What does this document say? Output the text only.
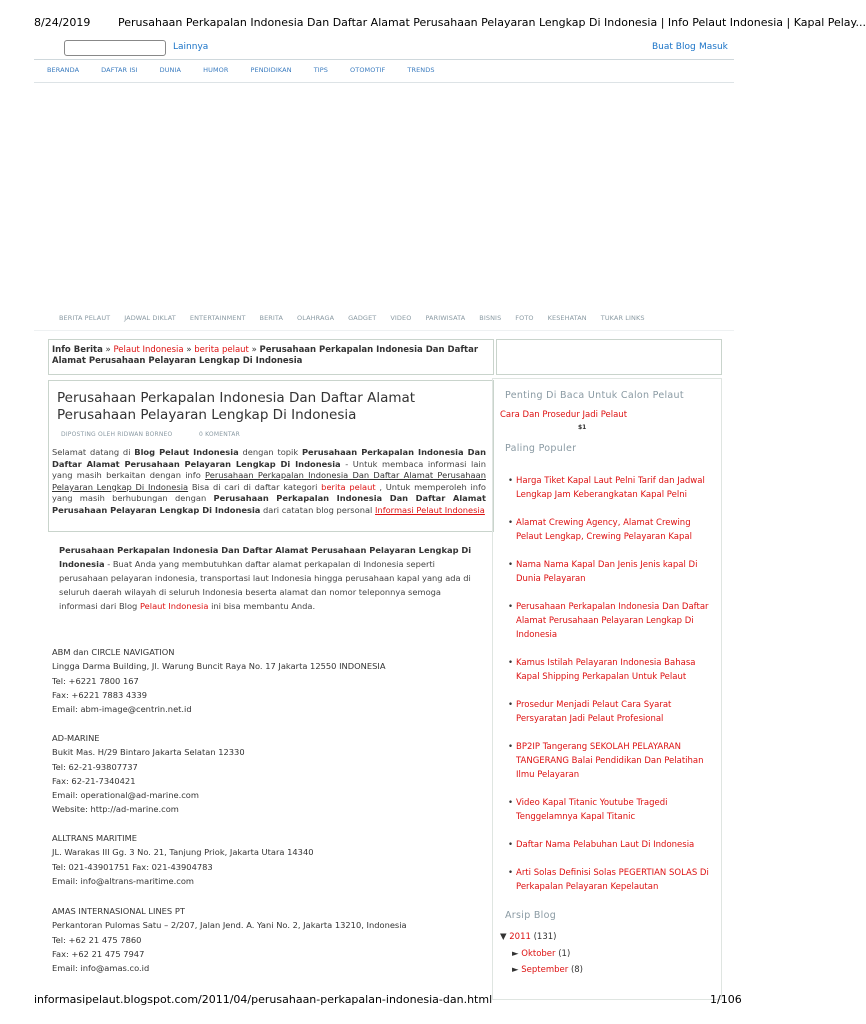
8/24/2019	Perusahaan Perkapalan Indonesia Dan Daftar Alamat Perusahaan Pelayaran Lengkap Di Indonesia | Info Pelaut Indonesia | Kapal Pelay...
Lainnya	Buat Blog Masuk
BERANDA	DAFTAR ISI	DUNIA	HUMOR	PENDIDIKAN	TIPS	OTOMOTIF	TRENDS
BERITA PELAUT JADWAL DIKLAT ENTERTAINMENT BERITA OLAHRAGA GADGET VIDEO PARIWISATA BISNIS FOTO KESEHATAN TUKAR LINKS
Info Berita » Pelaut Indonesia » berita pelaut » Perusahaan Perkapalan Indonesia Dan Daftar Alamat Perusahaan Pelayaran Lengkap Di Indonesia
Perusahaan Perkapalan Indonesia Dan Daftar Alamat Perusahaan Pelayaran Lengkap Di Indonesia
DIPOSTING OLEH RIDWAN BORNEO	0 KOMENTAR
Selamat datang di Blog Pelaut Indonesia dengan topik Perusahaan Perkapalan Indonesia Dan Daftar Alamat Perusahaan Pelayaran Lengkap Di Indonesia - Untuk membaca informasi lain yang masih berkaitan dengan info Perusahaan Perkapalan Indonesia Dan Daftar Alamat Perusahaan Pelayaran Lengkap Di Indonesia Bisa di cari di daftar kategori berita pelaut , Untuk memperoleh info yang masih berhubungan dengan Perusahaan Perkapalan Indonesia Dan Daftar Alamat Perusahaan Pelayaran Lengkap Di Indonesia dari catatan blog personal Informasi Pelaut Indonesia
Perusahaan Perkapalan Indonesia Dan Daftar Alamat Perusahaan Pelayaran Lengkap Di Indonesia - Buat Anda yang membutuhkan daftar alamat perkapalan di Indonesia seperti perusahaan pelayaran indonesia, transportasi laut Indonesia hingga perusahaan kapal yang ada di seluruh daerah wilayah di seluruh Indonesia beserta alamat dan nomor teleponnya semoga informasi dari Blog Pelaut Indonesia ini bisa membantu Anda.
ABM dan CIRCLE NAVIGATION
Lingga Darma Building, Jl. Warung Buncit Raya No. 17 Jakarta 12550 INDONESIA
Tel: +6221 7800 167
Fax: +6221 7883 4339
Email: abm-image@centrin.net.id
AD-MARINE
Bukit Mas. H/29 Bintaro Jakarta Selatan 12330
Tel: 62-21-93807737
Fax: 62-21-7340421
Email: operational@ad-marine.com
Website: http://ad-marine.com
ALLTRANS MARITIME
JL. Warakas III Gg. 3 No. 21, Tanjung Priok, Jakarta Utara 14340
Tel: 021-43901751 Fax: 021-43904783
Email: info@altrans-maritime.com
AMAS INTERNASIONAL LINES PT
Perkantoran Pulomas Satu – 2/207, Jalan Jend. A. Yani No. 2, Jakarta 13210, Indonesia
Tel: +62 21 475 7860
Fax: +62 21 475 7947
Email: info@amas.co.id
Penting Di Baca Untuk Calon Pelaut
Cara Dan Prosedur Jadi Pelaut
$1
Paling Populer
• Harga Tiket Kapal Laut Pelni Tarif dan Jadwal Lengkap Jam Keberangkatan Kapal Pelni
• Alamat Crewing Agency, Alamat Crewing Pelaut Lengkap, Crewing Pelayaran Kapal
• Nama Nama Kapal Dan Jenis Jenis kapal Di Dunia Pelayaran
• Perusahaan Perkapalan Indonesia Dan Daftar Alamat Perusahaan Pelayaran Lengkap Di Indonesia
• Kamus Istilah Pelayaran Indonesia Bahasa Kapal Shipping Perkapalan Untuk Pelaut
• Prosedur Menjadi Pelaut Cara Syarat Persyaratan Jadi Pelaut Profesional
• BP2IP Tangerang SEKOLAH PELAYARAN TANGERANG Balai Pendidikan Dan Pelatihan Ilmu Pelayaran
• Video Kapal Titanic Youtube Tragedi Tenggelamnya Kapal Titanic
• Daftar Nama Pelabuhan Laut Di Indonesia
• Arti Solas Definisi Solas PEGERTIAN SOLAS Di Perkapalan Pelayaran Kepelautan
Arsip Blog
▼ 2011 (131)
► Oktober (1)
► September (8)
informasipelaut.blogspot.com/2011/04/perusahaan-perkapalan-indonesia-dan.html	1/106
